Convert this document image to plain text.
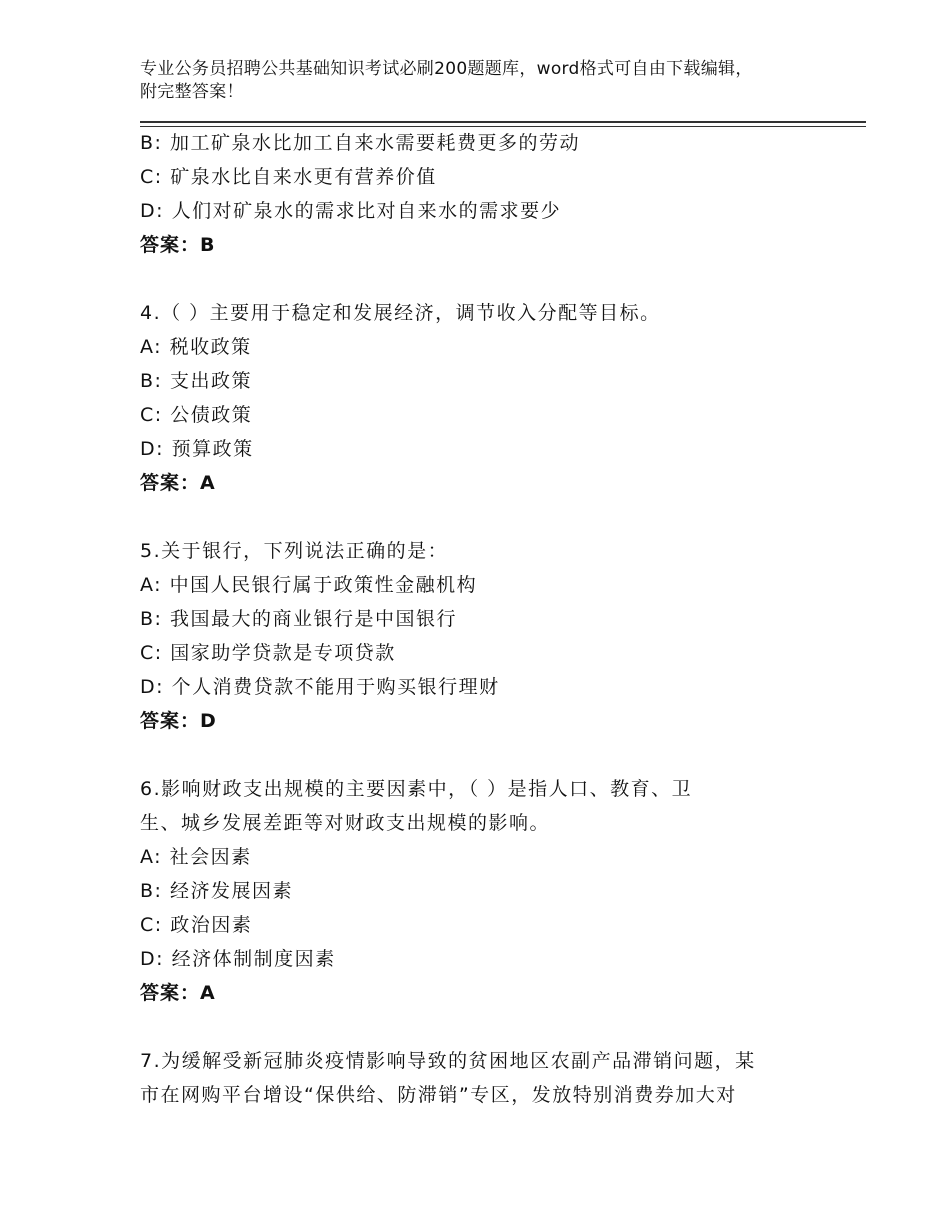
专业公务员招聘公共基础知识考试必刷200题题库，word格式可自由下载编辑，
附完整答案！
B: 加工矿泉水比加工自来水需要耗费更多的劳动
C: 矿泉水比自来水更有营养价值
D: 人们对矿泉水的需求比对自来水的需求要少
答案：B
4.（ ）主要用于稳定和发展经济，调节收入分配等目标。
A: 税收政策
B: 支出政策
C: 公债政策
D: 预算政策
答案：A
5.关于银行，下列说法正确的是：
A: 中国人民银行属于政策性金融机构
B: 我国最大的商业银行是中国银行
C: 国家助学贷款是专项贷款
D: 个人消费贷款不能用于购买银行理财
答案：D
6.影响财政支出规模的主要因素中，（ ）是指人口、教育、卫
生、城乡发展差距等对财政支出规模的影响。
A: 社会因素
B: 经济发展因素
C: 政治因素
D: 经济体制制度因素
答案：A
7.为缓解受新冠肺炎疫情影响导致的贫困地区农副产品滞销问题，某
市在网购平台增设“保供给、防滞销”专区，发放特别消费券加大对
